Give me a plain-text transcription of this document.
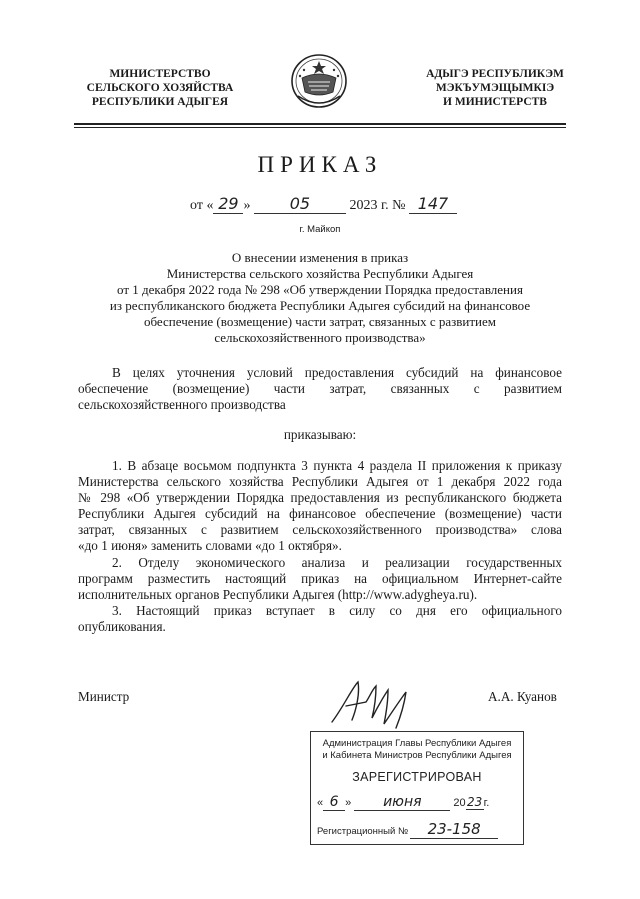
МИНИСТЕРСТВО
СЕЛЬСКОГО ХОЗЯЙСТВА
РЕСПУБЛИКИ АДЫГЕЯ
АДЫГЭ РЕСПУБЛИКЭМ
МЭКЪУМЭЩЫМКIЭ
И МИНИСТЕРСТВ
ПРИКАЗ
от « 29 » 05	2023 г. № 147
г. Майкоп
О внесении изменения в приказ
Министерства сельского хозяйства Республики Адыгея
от 1 декабря 2022 года № 298 «Об утверждении Порядка предоставления
из республиканского бюджета Республики Адыгея субсидий на финансовое
обеспечение (возмещение) части затрат, связанных с развитием
сельскохозяйственного производства»
В целях уточнения условий предоставления субсидий на финансовое
обеспечение (возмещение) части затрат, связанных с развитием
сельскохозяйственного производства
приказываю:
1. В абзаце восьмом подпункта 3 пункта 4 раздела II приложения к приказу
Министерства сельского хозяйства Республики Адыгея от 1 декабря 2022 года
№ 298 «Об утверждении Порядка предоставления из республиканского бюджета
Республики Адыгея субсидий на финансовое обеспечение (возмещение) части
затрат, связанных с развитием сельскохозяйственного производства» слова
«до 1 июня» заменить словами «до 1 октября».
2. Отделу экономического анализа и реализации государственных
программ разместить настоящий приказ на официальном Интернет-сайте
исполнительных органов Республики Адыгея (http://www.adygheya.ru).
3. Настоящий приказ вступает в силу со дня его официального
опубликования.
Министр	А.А. Куанов
Администрация Главы Республики Адыгея
и Кабинета Министров Республики Адыгея
ЗАРЕГИСТРИРОВАН
« 6 » июня	2023г.
Регистрационный № 23-158
